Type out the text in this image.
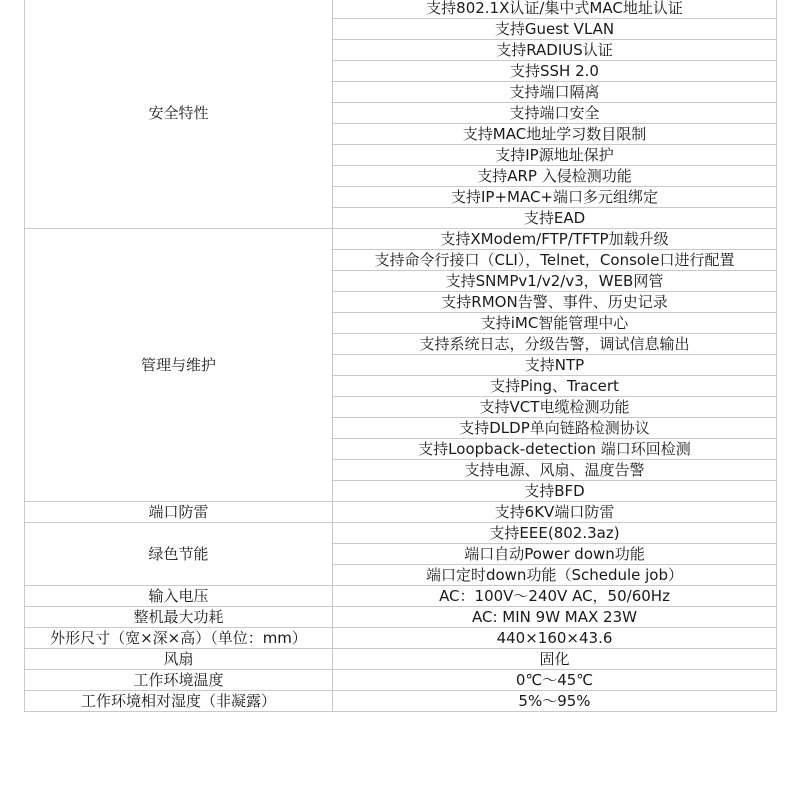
安全特性	支持802.1X认证/集中式MAC地址认证
	支持Guest VLAN
	支持RADIUS认证
	支持SSH 2.0
	支持端口隔离
	支持端口安全
	支持MAC地址学习数目限制
	支持IP源地址保护
	支持ARP 入侵检测功能
	支持IP+MAC+端口多元组绑定
	支持EAD
管理与维护	支持XModem/FTP/TFTP加载升级
	支持命令行接口（CLI），Telnet，Console口进行配置
	支持SNMPv1/v2/v3，WEB网管
	支持RMON告警、事件、历史记录
	支持iMC智能管理中心
	支持系统日志，分级告警，调试信息输出
	支持NTP
	支持Ping、Tracert
	支持VCT电缆检测功能
	支持DLDP单向链路检测协议
	支持Loopback-detection 端口环回检测
	支持电源、风扇、温度告警
	支持BFD
端口防雷	支持6KV端口防雷
绿色节能	支持EEE(802.3az)
	端口自动Power down功能
	端口定时down功能（Schedule job）
输入电压	AC：100V～240V AC，50/60Hz
整机最大功耗	AC: MIN 9W MAX 23W
外形尺寸（宽×深×高）（单位：mm）	440×160×43.6
风扇	固化
工作环境温度	0℃～45℃
工作环境相对湿度（非凝露）	5%～95%
